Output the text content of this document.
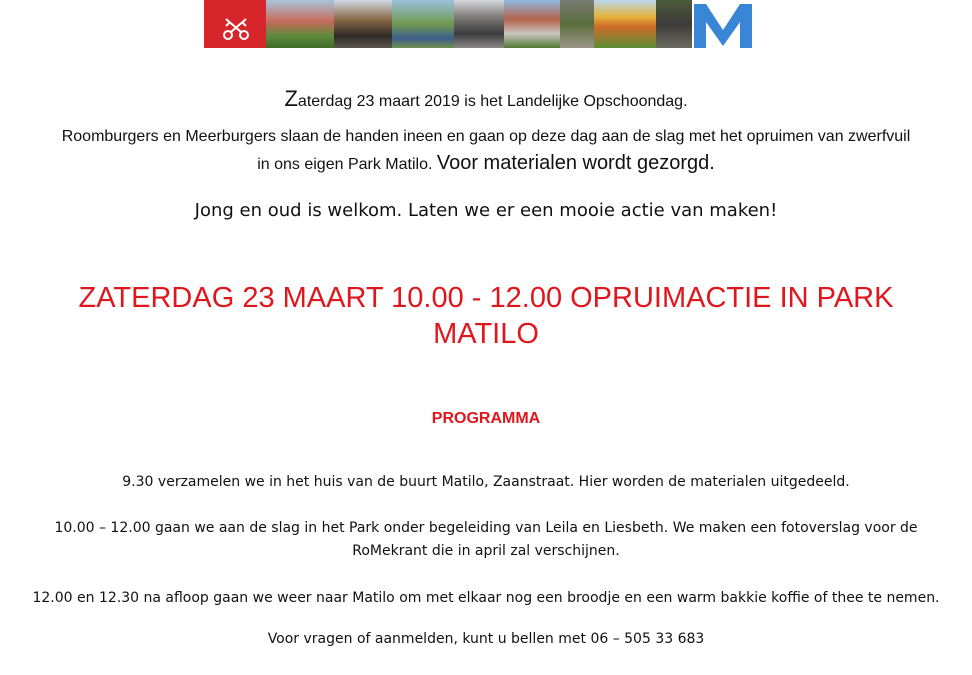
Zaterdag 23 maart 2019 is het Landelijke Opschoondag.

Roomburgers en Meerburgers slaan de handen ineen en gaan op deze dag aan de slag met het opruimen van zwerfvuil

in ons eigen Park Matilo. Voor materialen wordt gezorgd.

Jong en oud is welkom. Laten we er een mooie actie van maken!

ZATERDAG 23 MAART 10.00 - 12.00 OPRUIMACTIE IN PARK

MATILO

PROGRAMMA

9.30 verzamelen we in het huis van de buurt Matilo, Zaanstraat. Hier worden de materialen uitgedeeld.

10.00 – 12.00 gaan we aan de slag in het Park onder begeleiding van Leila en Liesbeth. We maken een fotoverslag voor de

RoMekrant die in april zal verschijnen.

12.00 en 12.30 na afloop gaan we weer naar Matilo om met elkaar nog een broodje en een warm bakkie koffie of thee te nemen.

Voor vragen of aanmelden, kunt u bellen met 06 – 505 33 683
